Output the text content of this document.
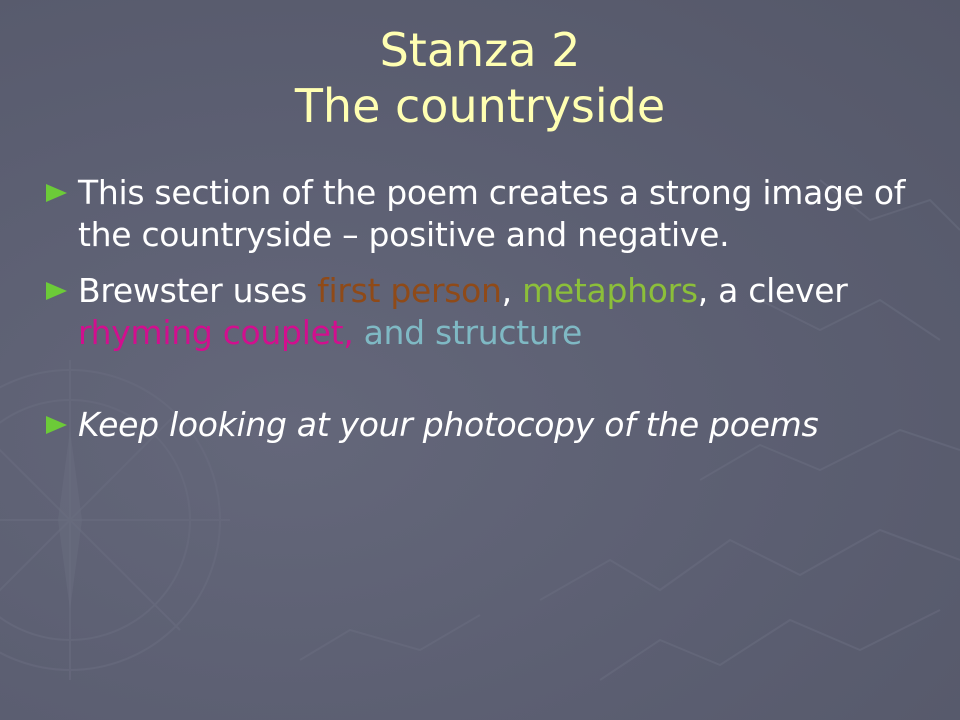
Stanza 2
The countryside
This section of the poem creates a strong image of the countryside – positive and negative.
Brewster uses first person, metaphors, a clever rhyming couplet, and structure
Keep looking at your photocopy of the poems
